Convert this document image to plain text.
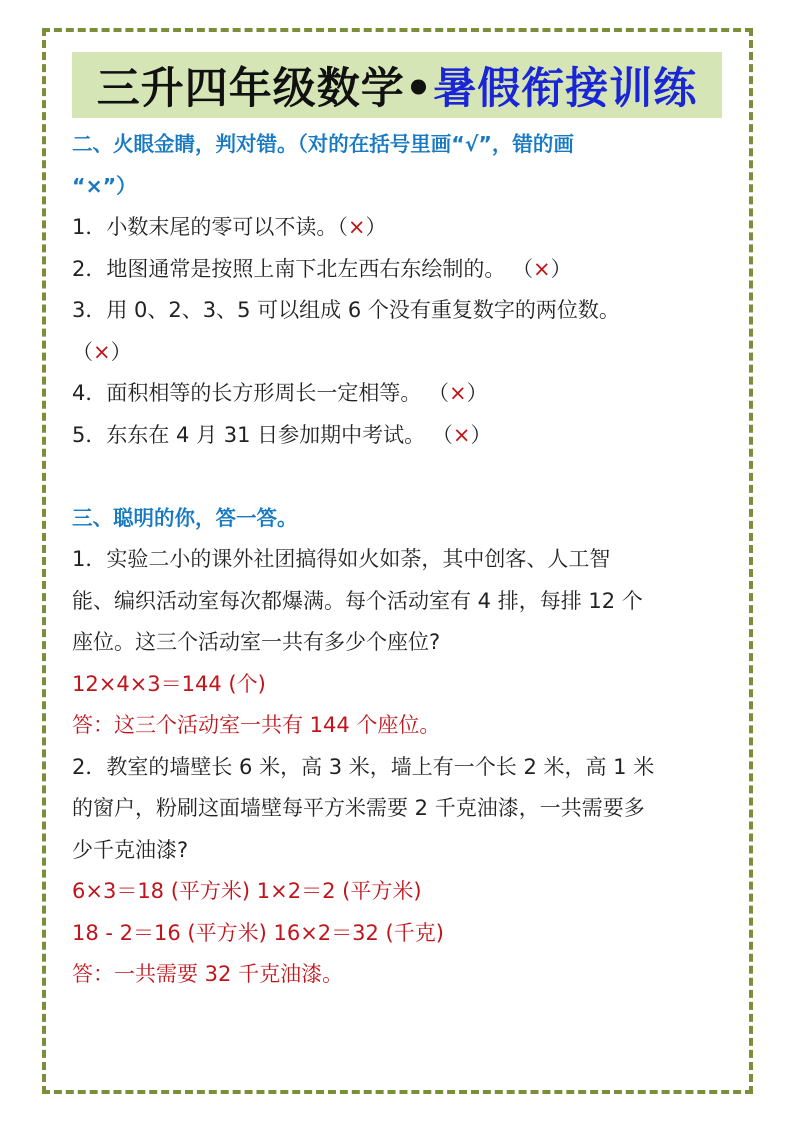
三升四年级数学• 暑假衔接训练
二、火眼金睛，判对错。（对的在括号里画“√”，错的画
“×”）
1．小数末尾的零可以不读。（×）
2．地图通常是按照上南下北左西右东绘制的。 （×）
3．用 0、2、3、5 可以组成 6 个没有重复数字的两位数。
（×）
4．面积相等的长方形周长一定相等。 （×）
5．东东在 4 月 31 日参加期中考试。 （×）
三、聪明的你，答一答。
1．实验二小的课外社团搞得如火如荼，其中创客、人工智
能、编织活动室每次都爆满。每个活动室有 4 排，每排 12 个
座位。这三个活动室一共有多少个座位?
12×4×3＝144 (个)
答：这三个活动室一共有 144 个座位。
2．教室的墙壁长 6 米，高 3 米，墙上有一个长 2 米，高 1 米
的窗户，粉刷这面墙壁每平方米需要 2 千克油漆，一共需要多
少千克油漆?
6×3＝18 (平方米) 1×2＝2 (平方米)
18 - 2＝16 (平方米) 16×2＝32 (千克)
答：一共需要 32 千克油漆。
